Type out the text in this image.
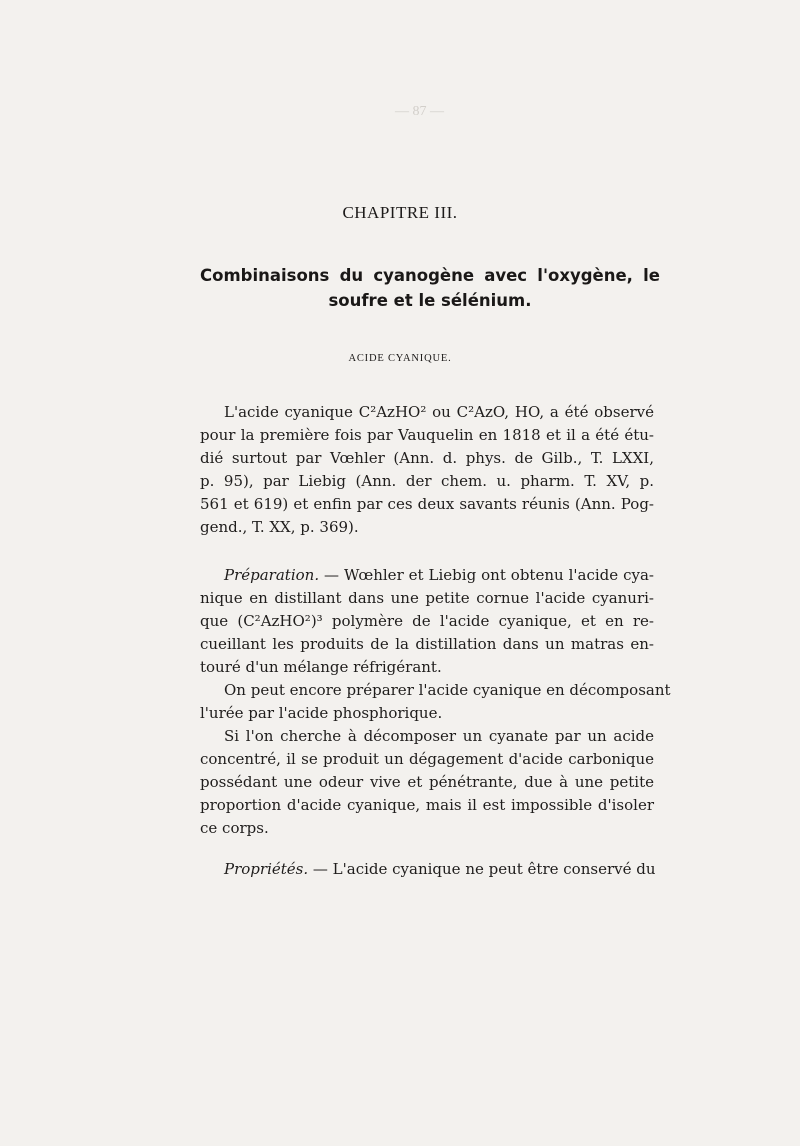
— 87 —
CHAPITRE III.
Combinaisons du cyanogène avec l'oxygène, le
soufre et le sélénium.
ACIDE CYANIQUE.
L'acide cyanique C²AzHO² ou C²AzO, HO, a été observé
pour la première fois par Vauquelin en 1818 et il a été étu-
dié surtout par Vœhler (Ann. d. phys. de Gilb., T. LXXI,
p. 95), par Liebig (Ann. der chem. u. pharm. T. XV, p.
561 et 619) et enfin par ces deux savants réunis (Ann. Pog-
gend., T. XX, p. 369).
Préparation. — Wœhler et Liebig ont obtenu l'acide cya-
nique en distillant dans une petite cornue l'acide cyanuri-
que (C²AzHO²)³ polymère de l'acide cyanique, et en re-
cueillant les produits de la distillation dans un matras en-
touré d'un mélange réfrigérant.
On peut encore préparer l'acide cyanique en décomposant
l'urée par l'acide phosphorique.
Si l'on cherche à décomposer un cyanate par un acide
concentré, il se produit un dégagement d'acide carbonique
possédant une odeur vive et pénétrante, due à une petite
proportion d'acide cyanique, mais il est impossible d'isoler
ce corps.
Propriétés. — L'acide cyanique ne peut être conservé du
